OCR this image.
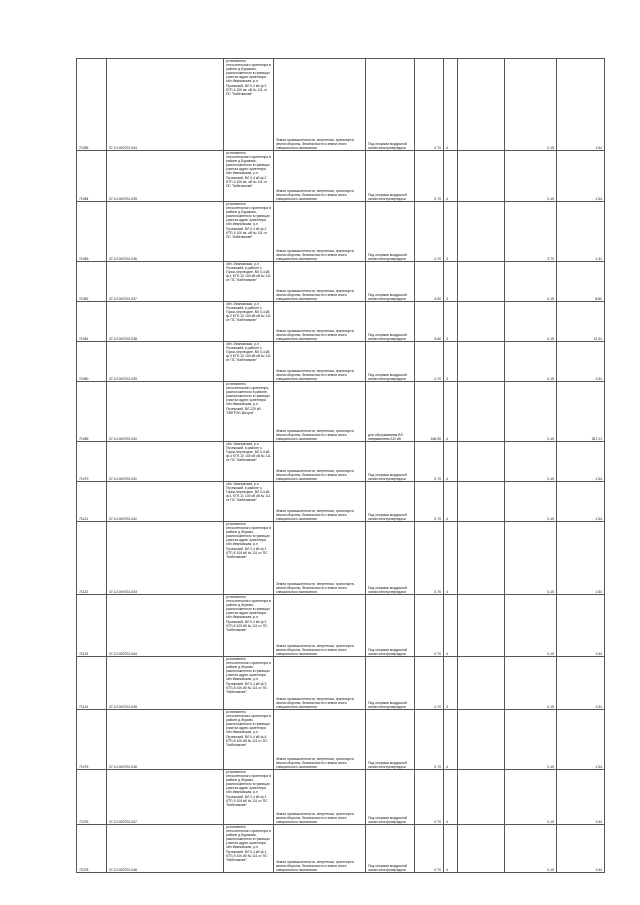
71085	37-10-000702-034	установлено относительного ориентира в районе д Бураково, расположенного в границах участка адрес ориентира обл Ивановская, р-н Пучежский, ВЛ 0,4 кВ ф-2 КТП-4 100 кв, кВ № 111 от ПС "Кабеликове"	Земли промышленности, энергетики, транспорта, земли обороны, безопасности и земли иного специального назначения	Под опорами воздушной линии электропередачи	0,70	4		0,15	1,54

71084	37-10-000702-035	установлено относительного ориентира в районе д Бураково, расположенного в границах участка адрес ориентира обл Ивановская, р-н Пучежский, ВЛ 0,4 кВ ф-2 КТП-4 100 кв, кВ № 111 от ПС "Кабеликове"	Земли промышленности, энергетики, транспорта, земли обороны, безопасности и земли иного специального назначения	Под опорами воздушной линии электропередачи	0,70	4		0,15	1,54

71083	37-10-000702-036	установлено относительного ориентира в районе д Бураково, расположенного в границах участка адрес ориентира обл Ивановская, р-н Пучежский, ВЛ 0,4 кВ ф-2 КТП-4 100 кв, кВ № 111 от ПС "Кабеликове"	Земли промышленности, энергетики, транспорта, земли обороны, безопасности и земли иного специального назначения	Под опорами воздушной линии электропередачи	0,70	4		2,70	1,31

71082	37-10-000702-037	обл. Ивановская, р-н Пучежский, в районе с. Горки-Чернецкие, ВЛ 0,4 кВ ф-1 КТП-10 100 кВ кВ № 111 от ПС "Кабеликове"	Земли промышленности, энергетики, транспорта, земли обороны, безопасности и земли иного специального назначения	Под опорами воздушной линии электропередачи	4,00	4		0,15	8,80

71081	37-10-000702-038	обл. Ивановская, р-н Пучежский, в районе с. Горки-Чернецкие, ВЛ 0,4 кВ ф-2 КТП-10 100 кВ кВ № 111 от ПС "Кабеликове"	Земли промышленности, энергетики, транспорта, земли обороны, безопасности и земли иного специального назначения	Под опорами воздушной линии электропередачи	5,60	4		0,15	12,34

71080	37-10-000702-039	обл. Ивановская, р-н Пучежский, в районе с. Горки-Чернецкие, ВЛ 0,4 кВ ф-3 КТП-10 100 кВ кВ № 111 от ПС "Кабеликове"	Земли промышленности, энергетики, транспорта, земли обороны, безопасности и земли иного специального назначения	Под опорами воздушной линии электропередачи	0,70	4		0,15	1,54

71089	37-10-000702-040	установлено относительного ориентира, расположенного в районе, расположенного в границах участка адрес ориентира обл Ивановская, р-н Пучежский, ВЛ 220 кВ "ИВГРЭС-Вичуга"	Земли промышленности, энергетики, транспорта, земли обороны, безопасности и земли иного специального назначения	для обслуживания ВЛ напряжением 220 кВ	166,90	4		0,15	367,21

71079	37-10-000702-041	обл. Ивановская, р-н Пучежский, в районе с. Горки-Чернецкие, ВЛ 0,4 кВ ф-4 КТП-10 100 кВ кВ № 111 от ПС "Кабеликове"	Земли промышленности, энергетики, транспорта, земли обороны, безопасности и земли иного специального назначения	Под опорами воздушной линии электропередачи	0,70	4		0,15	1,54

71121	37-10-000702-042	обл. Ивановская, р-н Пучежский, в районе с. Горки-Чернецкие, ВЛ 0,4 кВ ф-1 КТП-11 100 кВ кВ № 111 от ПС "Кабеликове"	Земли промышленности, энергетики, транспорта, земли обороны, безопасности и земли иного специального назначения	Под опорами воздушной линии электропередачи	0,70	4		0,15	1,54

71122	37-10-000702-043	установлено относительного ориентира в районе д Жуково, расположенного в границах участка адрес ориентира обл Ивановская, р-н Пучежский, ВЛ 0,4 кВ ф-1 КТП-8 100 кВ № 111 от ПС "Кабеликове"	Земли промышленности, энергетики, транспорта, земли обороны, безопасности и земли иного специального назначения	Под опорами воздушной линии электропередачи	0,70	4		0,15	1,54

71123	37-10-000702-044	установлено относительного ориентира в районе д Жуково, расположенного в границах участка адрес ориентира обл Ивановская, р-н Пучежский, ВЛ 0,4 кВ ф-2 КТП-8 100 кВ № 111 от ПС "Кабеликове"	Земли промышленности, энергетики, транспорта, земли обороны, безопасности и земли иного специального назначения	Под опорами воздушной линии электропередачи	0,70	4		0,15	1,54

71124	37-10-000702-045	установлено относительного ориентира в районе д Жуково, расположенного в границах участка адрес ориентира обл Ивановская, р-н Пучежский, ВЛ 0,4 кВ ф-3 КТП-8 100 кВ № 111 от ПС "Кабеликове"	Земли промышленности, энергетики, транспорта, земли обороны, безопасности и земли иного специального назначения	Под опорами воздушной линии электропередачи	0,70	4		0,15	1,54

71075	37-10-000702-046	установлено относительного ориентира в районе д Жуково, расположенного в границах участка адрес ориентира обл Ивановская, р-н Пучежский, ВЛ 0,4 кВ ф-4 КТП-8 100 кВ № 111 от ПС "Кабеликове"	Земли промышленности, энергетики, транспорта, земли обороны, безопасности и земли иного специального назначения	Под опорами воздушной линии электропередачи	0,70	4		0,15	1,54

71076	37-10-000702-047	установлено относительного ориентира в районе д Жуково, расположенного в границах участка адрес ориентира обл Ивановская, р-н Пучежский, ВЛ 0,4 кВ ф-1 КТП-9 100 кВ № 111 от ПС "Кабеликове"	Земли промышленности, энергетики, транспорта, земли обороны, безопасности и земли иного специального назначения	Под опорами воздушной линии электропередачи	0,70	4		0,15	1,54

71078	37-10-000702-048	установлено относительного ориентира в районе д Бураково, расположенного в границах участка адрес ориентира обл Ивановская, р-н Пучежский, ВЛ 0,4 кВ ф-1 КТП-5 100 кВ № 111 от ПС "Кабеликове"	Земли промышленности, энергетики, транспорта, земли обороны, безопасности и земли иного специального назначения	Под опорами воздушной линии электропередачи	0,70	4		0,15	1,54
